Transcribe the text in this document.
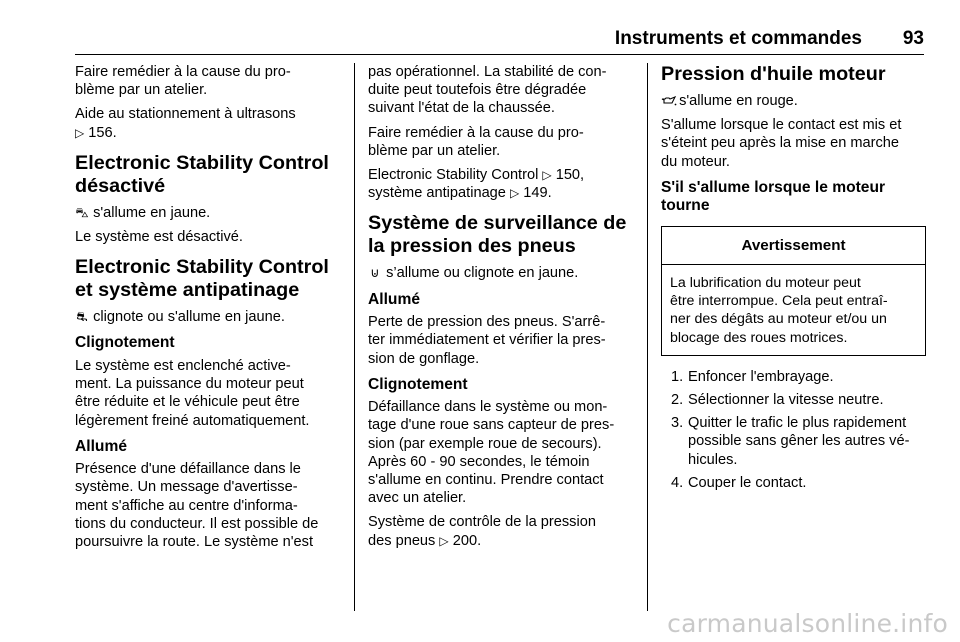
Instruments et commandes 93

Faire remédier à la cause du pro-
blème par un atelier.

Aide au stationnement à ultrasons
▷ 156.

Electronic Stability Control
désactivé

⛍ s'allume en jaune.

Le système est désactivé.

Electronic Stability Control
et système antipatinage

⛐ clignote ou s'allume en jaune.

Clignotement

Le système est enclenché active-
ment. La puissance du moteur peut
être réduite et le véhicule peut être
légèrement freiné automatiquement.

Allumé

Présence d'une défaillance dans le
système. Un message d'avertisse-
ment s'affiche au centre d'informa-
tions du conducteur. Il est possible de
poursuivre la route. Le système n'est

pas opérationnel. La stabilité de con-
duite peut toutefois être dégradée
suivant l'état de la chaussée.

Faire remédier à la cause du pro-
blème par un atelier.

Electronic Stability Control ▷ 150,
système antipatinage ▷ 149.

Système de surveillance de
la pression des pneus

⊍ s’allume ou clignote en jaune.

Allumé

Perte de pression des pneus. S'arrê-
ter immédiatement et vérifier la pres-
sion de gonflage.

Clignotement

Défaillance dans le système ou mon-
tage d'une roue sans capteur de pres-
sion (par exemple roue de secours).
Après 60 - 90 secondes, le témoin
s'allume en continu. Prendre contact
avec un atelier.

Système de contrôle de la pression
des pneus ▷ 200.

Pression d'huile moteur

s'allume en rouge.

S'allume lorsque le contact est mis et
s'éteint peu après la mise en marche
du moteur.

S'il s'allume lorsque le moteur
tourne
Avertissement
La lubrification du moteur peut
être interrompue. Cela peut entraî-
ner des dégâts au moteur et/ou un
blocage des roues motrices.
1. Enfoncer l'embrayage.
2. Sélectionner la vitesse neutre.
3. Quitter le trafic le plus rapidement
possible sans gêner les autres vé-
hicules.
4. Couper le contact.
carmanualsonline.info
